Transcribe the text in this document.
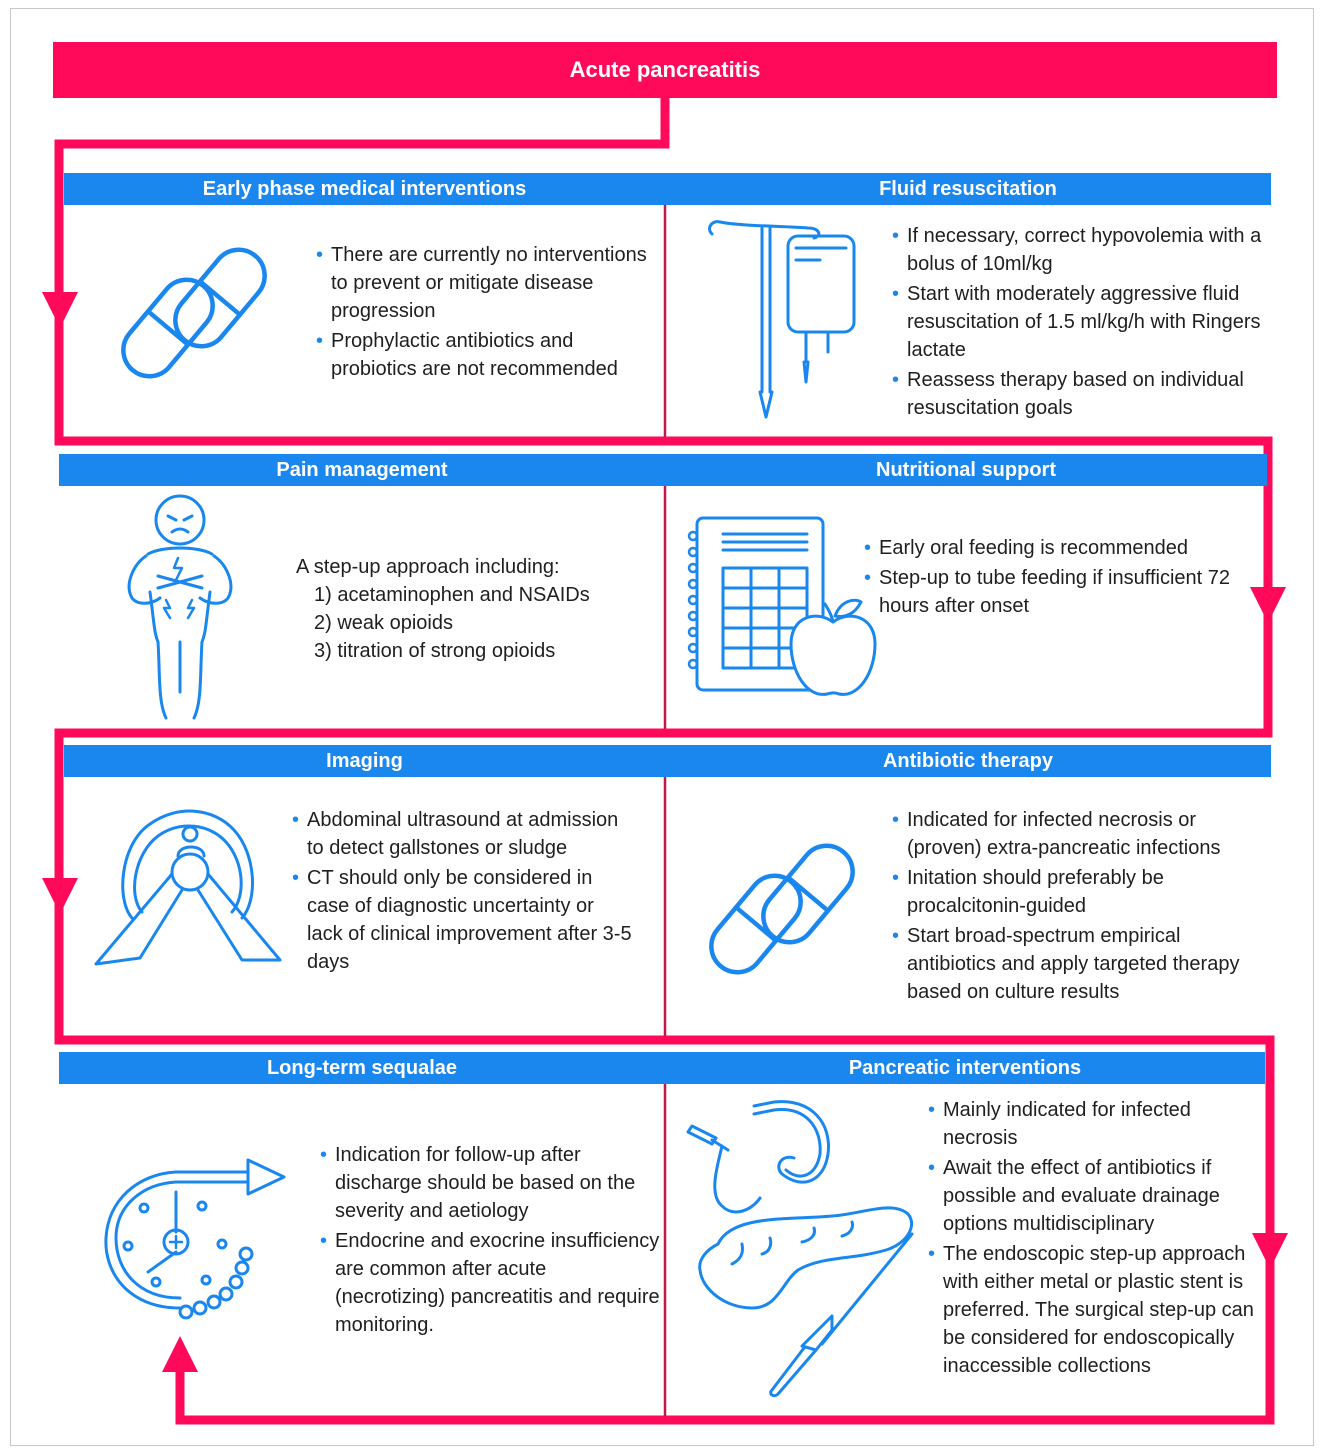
Acute pancreatitis
Early phase medical interventions	Fluid resuscitation
• There are currently no interventions to prevent or mitigate disease progression
• Prophylactic antibiotics and probiotics are not recommended
• If necessary, correct hypovolemia with a bolus of 10ml/kg
• Start with moderately aggressive fluid resuscitation of 1.5 ml/kg/h with Ringers lactate
• Reassess therapy based on individual resuscitation goals
Pain management	Nutritional support
A step-up approach including:
1) acetaminophen and NSAIDs
2) weak opioids
3) titration of strong opioids
• Early oral feeding is recommended
• Step-up to tube feeding if insufficient 72 hours after onset
Imaging	Antibiotic therapy
• Abdominal ultrasound at admission to detect gallstones or sludge
• CT should only be considered in case of diagnostic uncertainty or lack of clinical improvement after 3-5 days
• Indicated for infected necrosis or (proven) extra-pancreatic infections
• Initation should preferably be procalcitonin-guided
• Start broad-spectrum empirical antibiotics and apply targeted therapy based on culture results
Long-term sequalae	Pancreatic interventions
• Indication for follow-up after discharge should be based on the severity and aetiology
• Endocrine and exocrine insufficiency are common after acute (necrotizing) pancreatitis and require monitoring.
• Mainly indicated for infected necrosis
• Await the effect of antibiotics if possible and evaluate drainage options multidisciplinary
• The endoscopic step-up approach with either metal or plastic stent is preferred. The surgical step-up can be considered for endoscopically inaccessible collections
